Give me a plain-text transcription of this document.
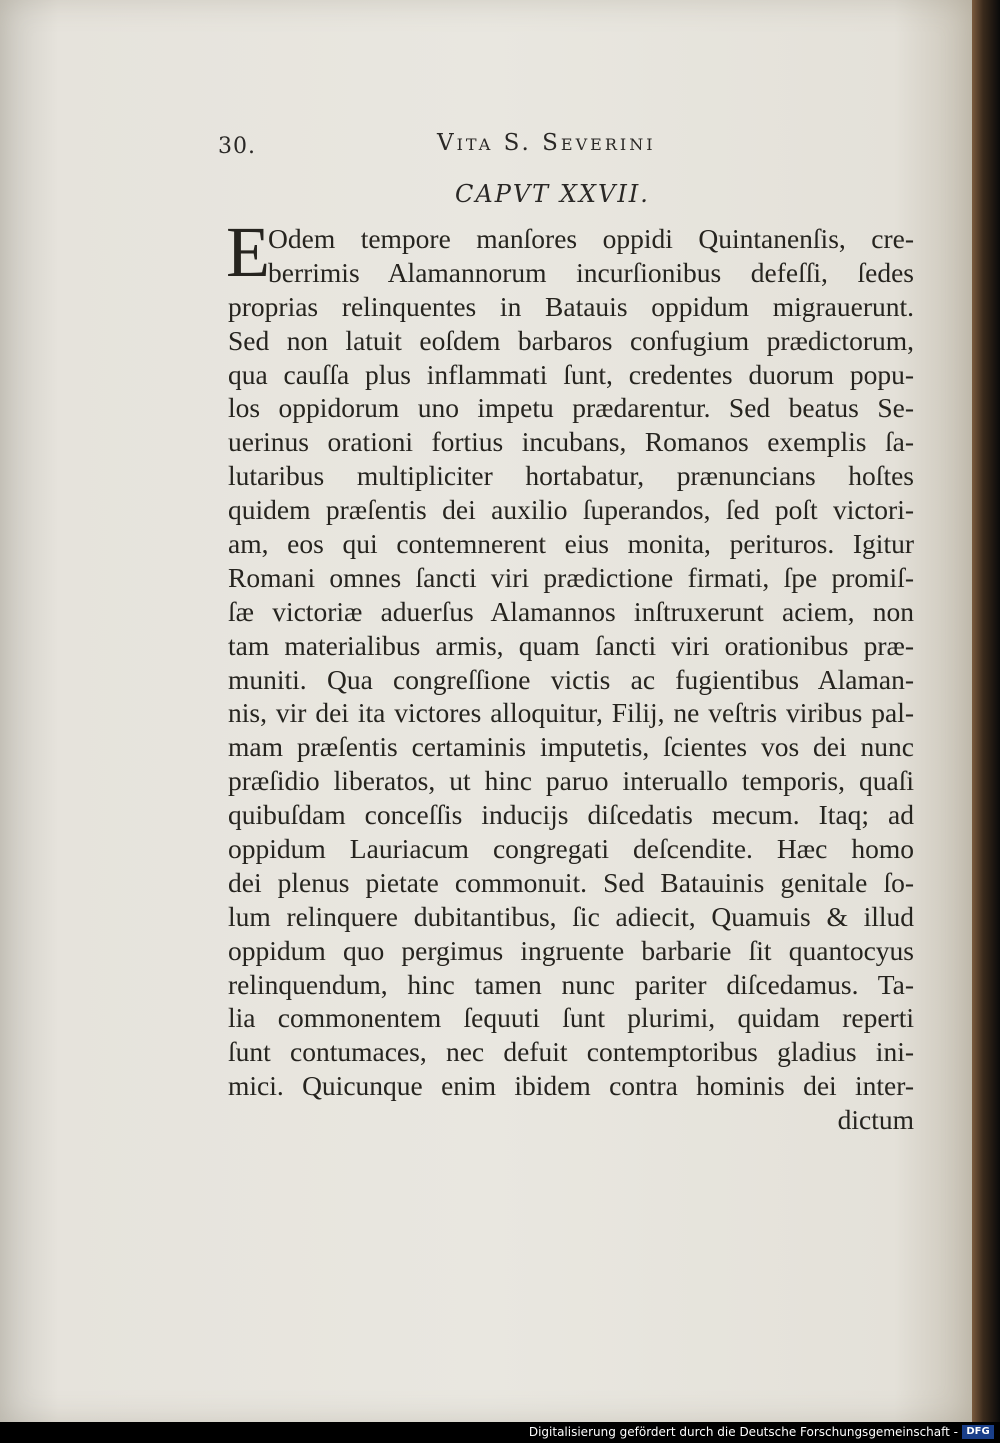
30.	Vita S. Severini
CAPVT XXVII.
E
Odem tempore manſores oppidi Quintanenſis, cre-
berrimis Alamannorum incurſionibus defeſſi, ſedes
proprias relinquentes in Batauis oppidum migrauerunt.
Sed non latuit eoſdem barbaros confugium prædictorum,
qua cauſſa plus inflammati ſunt, credentes duorum popu-
los oppidorum uno impetu prædarentur. Sed beatus Se-
uerinus orationi fortius incubans, Romanos exemplis ſa-
lutaribus multipliciter hortabatur, prænuncians hoſtes
quidem præſentis dei auxilio ſuperandos, ſed poſt victori-
am, eos qui contemnerent eius monita, perituros. Igitur
Romani omnes ſancti viri prædictione firmati, ſpe promiſ-
ſæ victoriæ aduerſus Alamannos inſtruxerunt aciem, non
tam materialibus armis, quam ſancti viri orationibus præ-
muniti. Qua congreſſione victis ac fugientibus Alaman-
nis, vir dei ita victores alloquitur, Filij, ne veſtris viribus pal-
mam præſentis certaminis imputetis, ſcientes vos dei nunc
præſidio liberatos, ut hinc paruo interuallo temporis, quaſi
quibuſdam conceſſis inducijs diſcedatis mecum. Itaq; ad
oppidum Lauriacum congregati deſcendite. Hæc homo
dei plenus pietate commonuit. Sed Batauinis genitale ſo-
lum relinquere dubitantibus, ſic adiecit, Quamuis & illud
oppidum quo pergimus ingruente barbarie ſit quantocyus
relinquendum, hinc tamen nunc pariter diſcedamus. Ta-
lia commonentem ſequuti ſunt plurimi, quidam reperti
ſunt contumaces, nec defuit contemptoribus gladius ini-
mici. Quicunque enim ibidem contra hominis dei inter-
dictum
Digitalisierung gefördert durch die Deutsche Forschungsgemeinschaft - DFG
